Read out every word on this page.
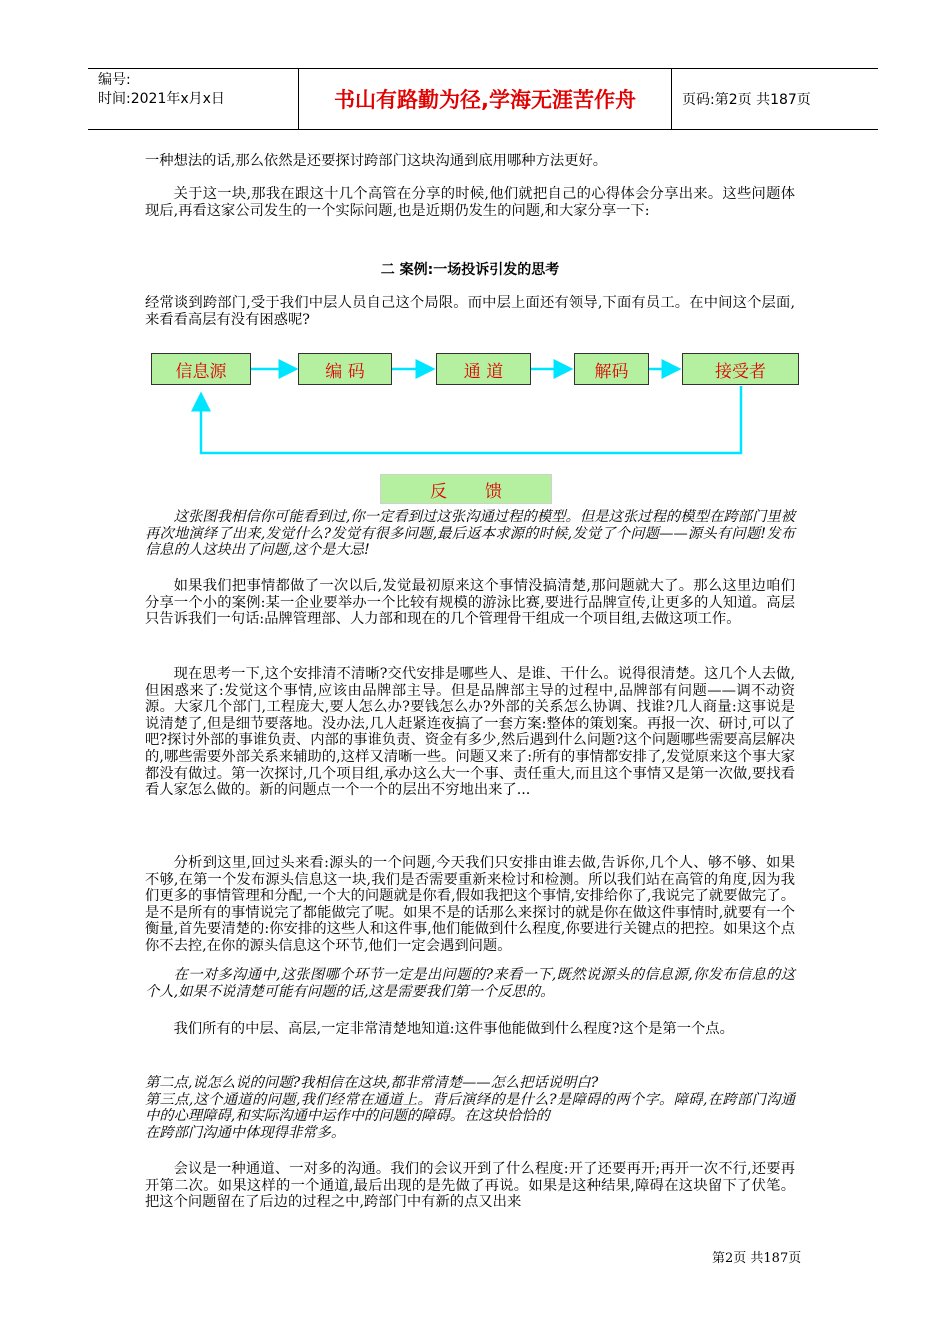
编号:
时间:2021年x月x日	书山有路勤为径,学海无涯苦作舟	页码:第2页 共187页

一种想法的话,那么依然是还要探讨跨部门这块沟通到底用哪种方法更好。

关于这一块,那我在跟这十几个高管在分享的时候,他们就把自己的心得体会分享出来。这些问题体现后,再看这家公司发生的一个实际问题,也是近期仍发生的问题,和大家分享一下:

二 案例:一场投诉引发的思考

经常谈到跨部门,受于我们中层人员自己这个局限。而中层上面还有领导,下面有员工。在中间这个层面,来看看高层有没有困惑呢?

信息源	编 码	通 道	解码	接受者
反 馈

这张图我相信你可能看到过,你一定看到过这张沟通过程的模型。但是这张过程的模型在跨部门里被再次地演绎了出来,发觉什么?发觉有很多问题,最后返本求源的时候,发觉了个问题——源头有问题!发布信息的人这块出了问题,这个是大忌!

如果我们把事情都做了一次以后,发觉最初原来这个事情没搞清楚,那问题就大了。那么这里边咱们分享一个小的案例:某一企业要举办一个比较有规模的游泳比赛,要进行品牌宣传,让更多的人知道。高层只告诉我们一句话:品牌管理部、人力部和现在的几个管理骨干组成一个项目组,去做这项工作。

现在思考一下,这个安排清不清晰?交代安排是哪些人、是谁、干什么。说得很清楚。这几个人去做,但困惑来了:发觉这个事情,应该由品牌部主导。但是品牌部主导的过程中,品牌部有问题——调不动资源。大家几个部门,工程庞大,要人怎么办?要钱怎么办?外部的关系怎么协调、找谁?几人商量:这事说是说清楚了,但是细节要落地。没办法,几人赶紧连夜搞了一套方案:整体的策划案。再报一次、研讨,可以了吧?探讨外部的事谁负责、内部的事谁负责、资金有多少,然后遇到什么问题?这个问题哪些需要高层解决的,哪些需要外部关系来辅助的,这样又清晰一些。问题又来了:所有的事情都安排了,发觉原来这个事大家都没有做过。第一次探讨,几个项目组,承办这么大一个事、责任重大,而且这个事情又是第一次做,要找看看人家怎么做的。新的问题点一个一个的层出不穷地出来了...

分析到这里,回过头来看:源头的一个问题,今天我们只安排由谁去做,告诉你,几个人、够不够、如果不够,在第一个发布源头信息这一块,我们是否需要重新来检讨和检测。所以我们站在高管的角度,因为我们更多的事情管理和分配,一个大的问题就是你看,假如我把这个事情,安排给你了,我说完了就要做完了。是不是所有的事情说完了都能做完了呢。如果不是的话那么来探讨的就是你在做这件事情时,就要有一个衡量,首先要清楚的:你安排的这些人和这件事,他们能做到什么程度,你要进行关键点的把控。如果这个点你不去控,在你的源头信息这个环节,他们一定会遇到问题。

在一对多沟通中,这张图哪个环节一定是出问题的?来看一下,既然说源头的信息源,你发布信息的这个人,如果不说清楚可能有问题的话,这是需要我们第一个反思的。

我们所有的中层、高层,一定非常清楚地知道:这件事他能做到什么程度?这个是第一个点。

第二点,说怎么说的问题?我相信在这块,都非常清楚——怎么把话说明白?
第三点,这个通道的问题,我们经常在通道上。背后演绎的是什么?是障碍的两个字。障碍,在跨部门沟通中的心理障碍,和实际沟通中运作中的问题的障碍。在这块恰恰的
在跨部门沟通中体现得非常多。

会议是一种通道、一对多的沟通。我们的会议开到了什么程度:开了还要再开;再开一次不行,还要再开第二次。如果这样的一个通道,最后出现的是先做了再说。如果是这种结果,障碍在这块留下了伏笔。把这个问题留在了后边的过程之中,跨部门中有新的点又出来

第2页 共187页
